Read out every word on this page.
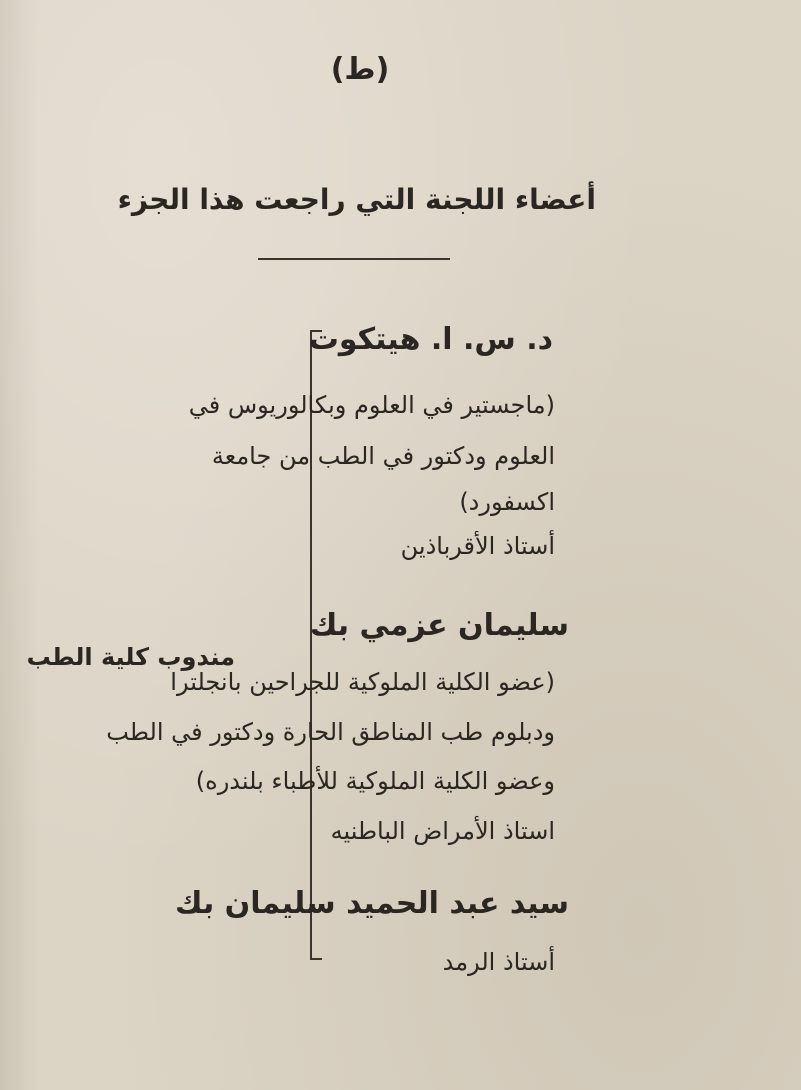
(ط)
أعضاء اللجنة التي راجعت هذا الجزء
مندوب كلية الطب
د. س. ا. هيتكوت
(ماجستير في العلوم وبكالوريوس في
العلوم ودكتور في الطب من جامعة
اكسفورد)
أستاذ الأقرباذين
سليمان عزمي بك
(عضو الكلية الملوكية للجراحين بانجلترا
ودبلوم طب المناطق الحارة ودكتور في الطب
وعضو الكلية الملوكية للأطباء بلندره)
استاذ الأمراض الباطنيه
سيد عبد الحميد سليمان بك
أستاذ الرمد
